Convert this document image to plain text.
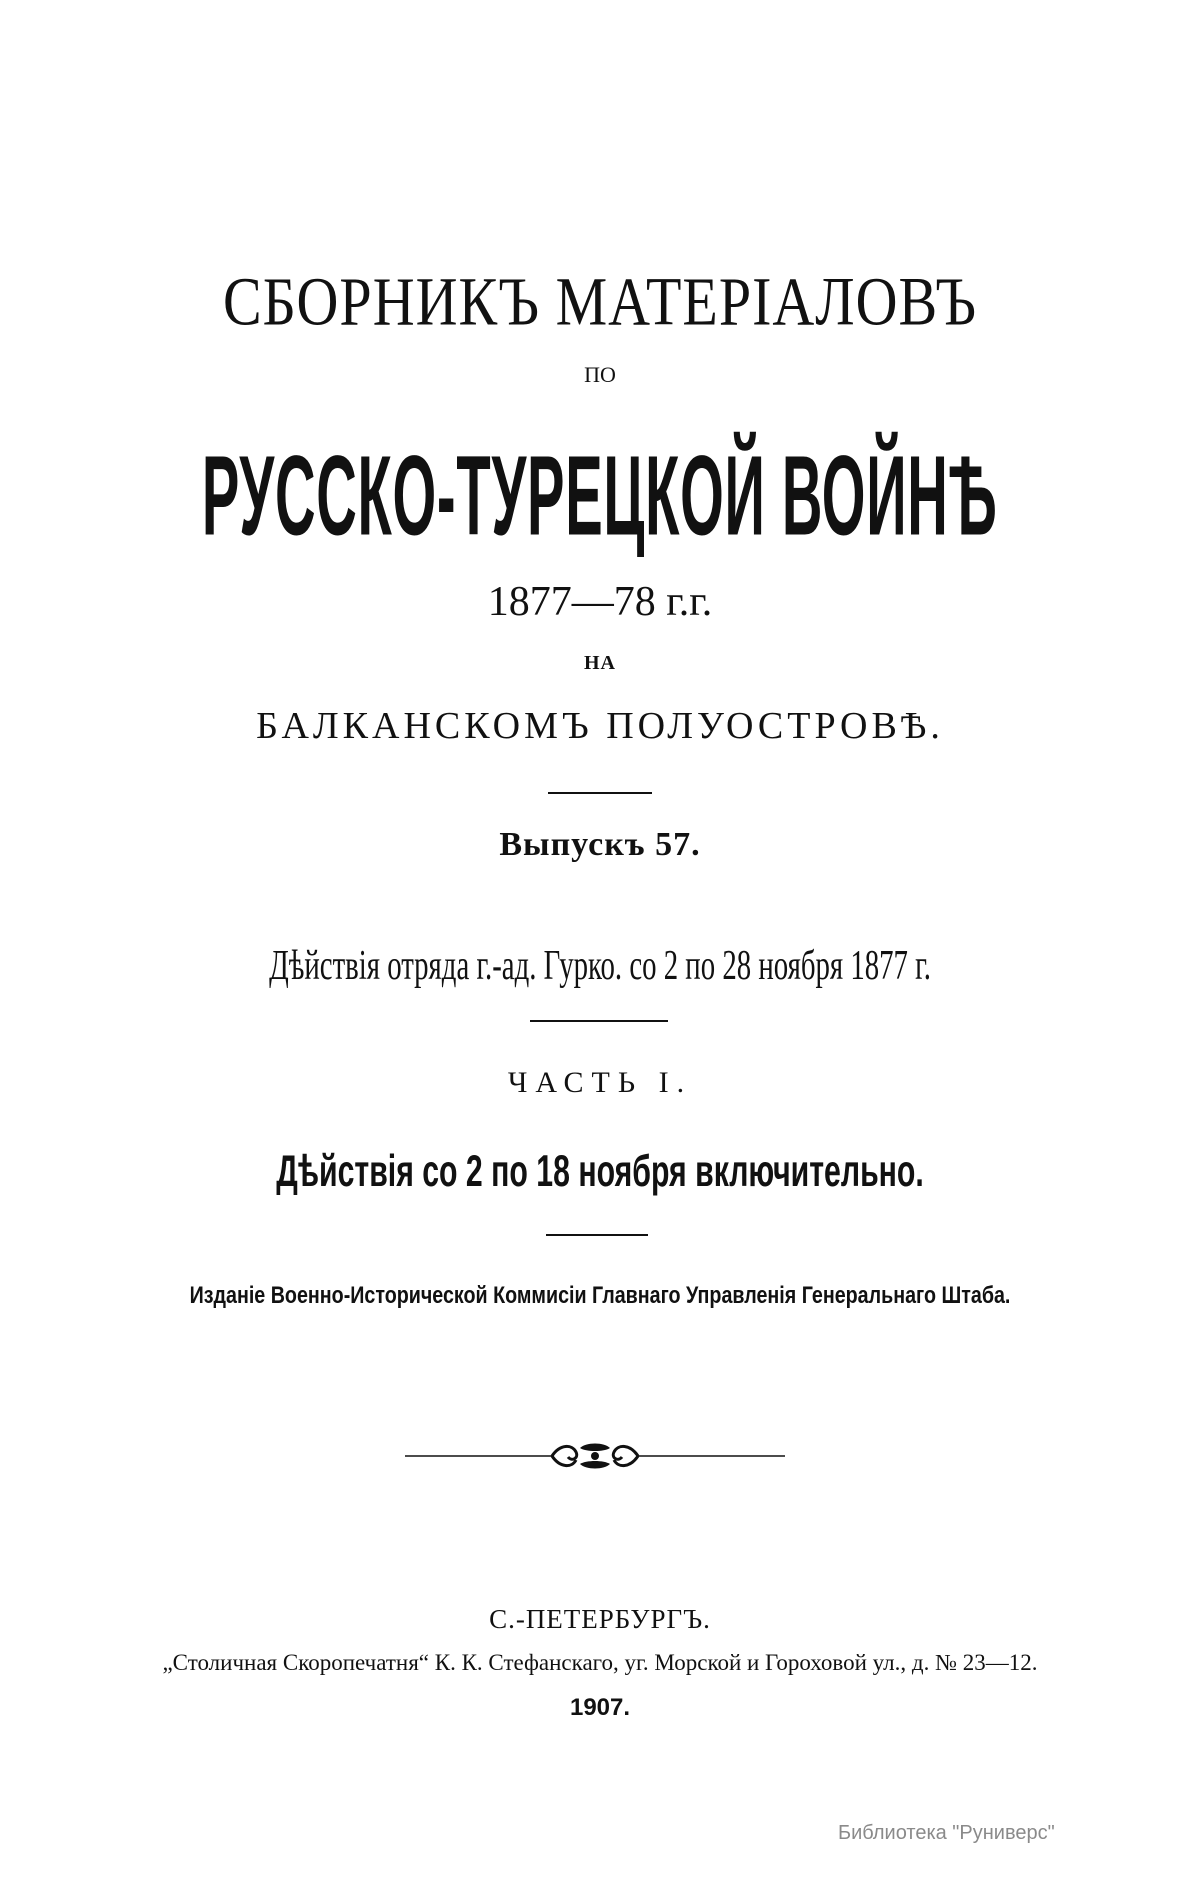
СБОРНИКЪ МАТЕРІАЛОВЪ
ПО
РУССКО-ТУРЕЦКОЙ ВОЙНѢ
1877—78 г.г.
НА
БАЛКАНСКОМЪ ПОЛУОСТРОВѢ.
Выпускъ 57.
Дѣйствія отряда г.-ад. Гурко. со 2 по 28 ноября 1877 г.
ЧАСТЬ I.
Дѣйствія со 2 по 18 ноября включительно.
Изданіе Военно-Исторической Коммисіи Главнаго Управленія Генеральнаго Штаба.
С.-ПЕТЕРБУРГЪ.
„Столичная Скоропечатня“ К. К. Стефанскаго, уг. Морской и Гороховой ул., д. № 23—12.
1907.
Библиотека "Руниверс"
